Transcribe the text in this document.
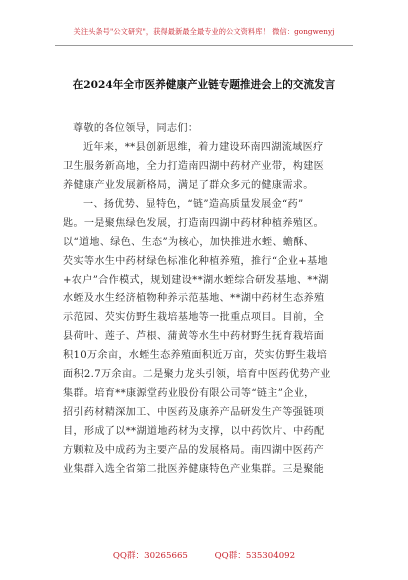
关注头条号"公文研究"，获得最新最全最专业的公文资料库！ 微信：gongwenyj
在2024年全市医养健康产业链专题推进会上的交流发言
尊敬的各位领导，同志们：
近年来，**县创新思维，着力建设环南四湖流域医疗
卫生服务新高地，全力打造南四湖中药材产业带，构建医
养健康产业发展新格局，满足了群众多元的健康需求。
一、扬优势、显特色，“链”造高质量发展金“药”
匙。一是聚焦绿色发展，打造南四湖中药材种植养殖区。
以“道地、绿色、生态”为核心，加快推进水蛭、蟾酥、
芡实等水生中药材绿色标准化种植养殖，推行“企业+基地
+农户”合作模式，规划建设**湖水蛭综合研发基地、**湖
水蛭及水生经济植物种养示范基地、**湖中药材生态养殖
示范园、芡实仿野生栽培基地等一批重点项目。目前，全
县荷叶、莲子、芦根、蒲黄等水生中药材野生抚育栽培面
积10万余亩，水蛭生态养殖面积近万亩，芡实仿野生栽培
面积2.7万余亩。二是聚力龙头引领，培育中医药优势产业
集群。培育**康源堂药业股份有限公司等“链主”企业，
招引药材精深加工、中医药及康养产品研发生产等强链项
目，形成了以**湖道地药材为支撑，以中药饮片、中药配
方颗粒及中成药为主要产品的发展格局。南四湖中医药产
业集群入选全省第二批医养健康特色产业集群。三是聚能
QQ群：30265665	QQ群：535304092
